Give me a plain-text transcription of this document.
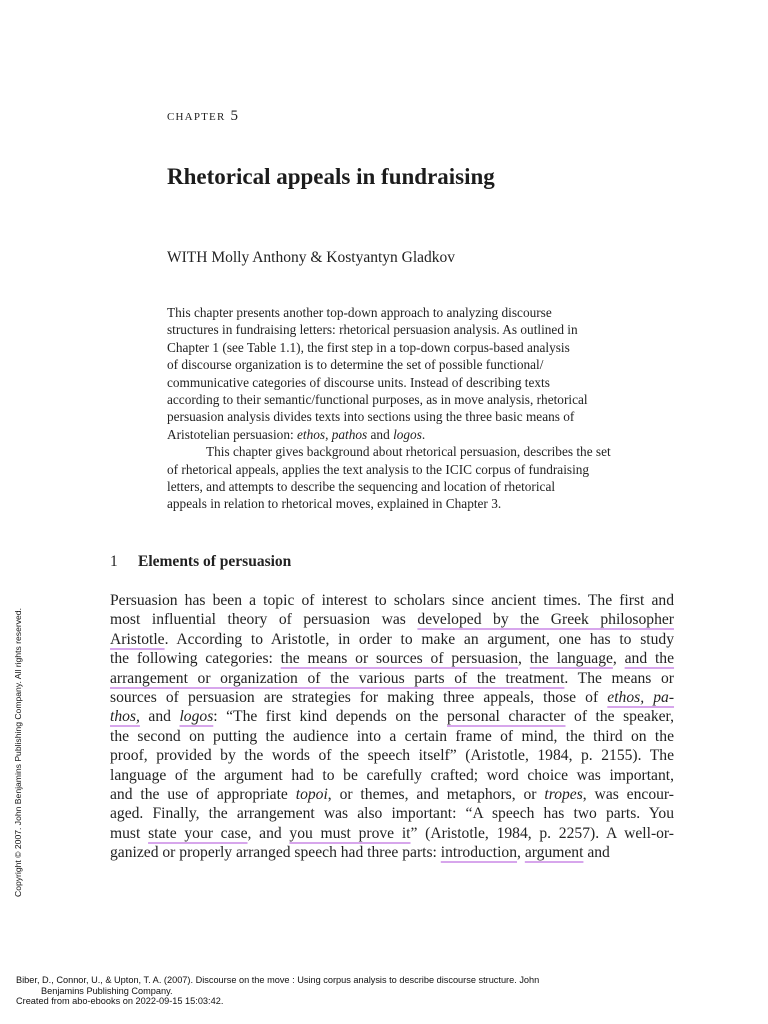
chapter 5
Rhetorical appeals in fundraising
WITH Molly Anthony & Kostyantyn Gladkov
This chapter presents another top-down approach to analyzing discourse
structures in fundraising letters: rhetorical persuasion analysis. As outlined in
Chapter 1 (see Table 1.1), the first step in a top-down corpus-based analysis
of discourse organization is to determine the set of possible functional/
communicative categories of discourse units. Instead of describing texts
according to their semantic/functional purposes, as in move analysis, rhetorical
persuasion analysis divides texts into sections using the three basic means of
Aristotelian persuasion: ethos, pathos and logos.
This chapter gives background about rhetorical persuasion, describes the set
of rhetorical appeals, applies the text analysis to the ICIC corpus of fundraising
letters, and attempts to describe the sequencing and location of rhetorical
appeals in relation to rhetorical moves, explained in Chapter 3.
1 Elements of persuasion
Persuasion has been a topic of interest to scholars since ancient times. The first and
most influential theory of persuasion was developed by the Greek philosopher
Aristotle. According to Aristotle, in order to make an argument, one has to study
the following categories: the means or sources of persuasion, the language, and the
arrangement or organization of the various parts of the treatment. The means or
sources of persuasion are strategies for making three appeals, those of ethos, pa-
thos, and logos: “The first kind depends on the personal character of the speaker,
the second on putting the audience into a certain frame of mind, the third on the
proof, provided by the words of the speech itself” (Aristotle, 1984, p. 2155). The
language of the argument had to be carefully crafted; word choice was important,
and the use of appropriate topoi, or themes, and metaphors, or tropes, was encour-
aged. Finally, the arrangement was also important: “A speech has two parts. You
must state your case, and you must prove it” (Aristotle, 1984, p. 2257). A well-or-
ganized or properly arranged speech had three parts: introduction, argument and
Copyright © 2007. John Benjamins Publishing Company. All rights reserved.
Biber, D., Connor, U., & Upton, T. A. (2007). Discourse on the move : Using corpus analysis to describe discourse structure. John
Benjamins Publishing Company.
Created from abo-ebooks on 2022-09-15 15:03:42.
